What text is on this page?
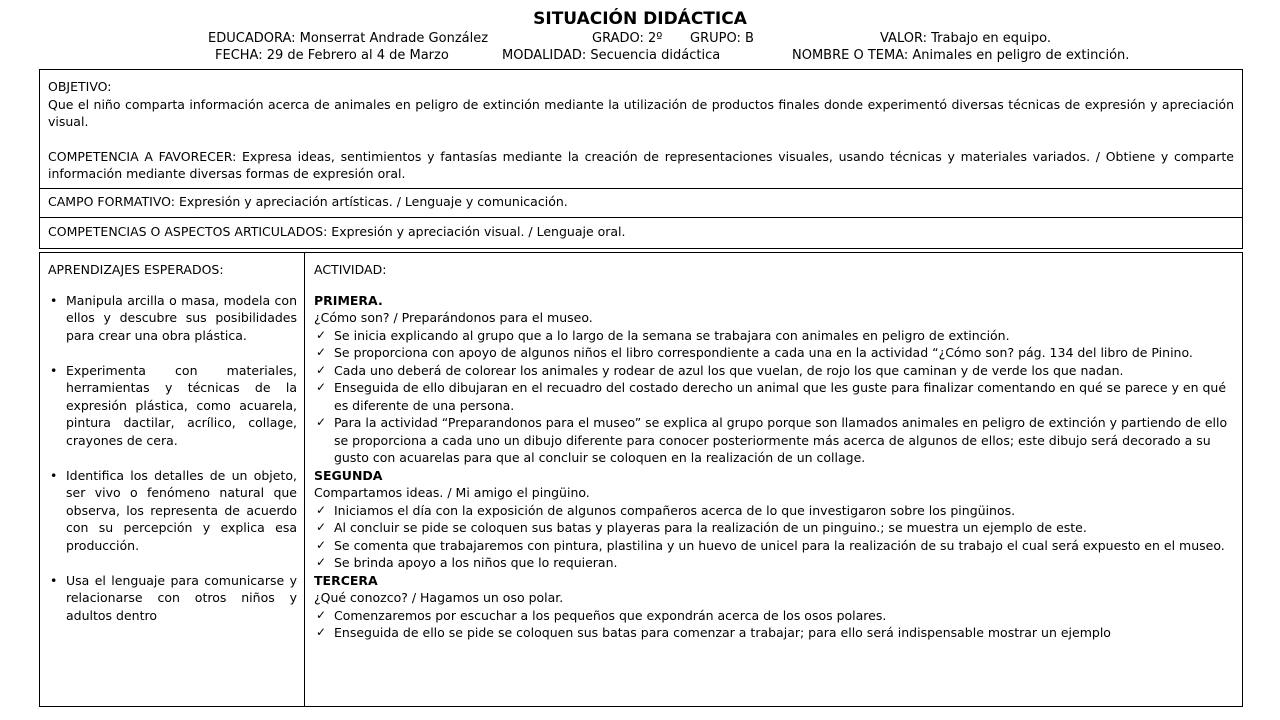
SITUACIÓN DIDÁCTICA
EDUCADORA: Monserrat Andrade González	GRADO: 2º GRUPO: B	VALOR: Trabajo en equipo.
FECHA: 29 de Febrero al 4 de Marzo	MODALIDAD: Secuencia didáctica	NOMBRE O TEMA: Animales en peligro de extinción.

OBJETIVO:

Que el niño comparta información acerca de animales en peligro de extinción mediante la utilización de productos finales donde experimentó diversas técnicas de expresión y apreciación visual.

COMPETENCIA A FAVORECER: Expresa ideas, sentimientos y fantasías mediante la creación de representaciones visuales, usando técnicas y materiales variados. / Obtiene y comparte información mediante diversas formas de expresión oral.

CAMPO FORMATIVO: Expresión y apreciación artísticas. / Lenguaje y comunicación.
COMPETENCIAS O ASPECTOS ARTICULADOS: Expresión y apreciación visual. / Lenguaje oral.
APRENDIZAJES ESPERADOS:
• Manipula arcilla o masa, modela con ellos y descubre sus posibilidades para crear una obra plástica.
• Experimenta con materiales, herramientas y técnicas de la expresión plástica, como acuarela, pintura dactilar, acrílico, collage, crayones de cera.
• Identifica los detalles de un objeto, ser vivo o fenómeno natural que observa, los representa de acuerdo con su percepción y explica esa producción.
• Usa el lenguaje para comunicarse y relacionarse con otros niños y adultos dentro
ACTIVIDAD:
PRIMERA.
¿Cómo son? / Preparándonos para el museo.
✓ Se inicia explicando al grupo que a lo largo de la semana se trabajara con animales en peligro de extinción.
✓ Se proporciona con apoyo de algunos niños el libro correspondiente a cada una en la actividad “¿Cómo son? pág. 134 del libro de Pinino.
✓ Cada uno deberá de colorear los animales y rodear de azul los que vuelan, de rojo los que caminan y de verde los que nadan.
✓ Enseguida de ello dibujaran en el recuadro del costado derecho un animal que les guste para finalizar comentando en qué se parece y en qué es diferente de una persona.
✓ Para la actividad “Preparandonos para el museo” se explica al grupo porque son llamados animales en peligro de extinción y partiendo de ello se proporciona a cada uno un dibujo diferente para conocer posteriormente más acerca de algunos de ellos; este dibujo será decorado a su gusto con acuarelas para que al concluir se coloquen en la realización de un collage.
SEGUNDA
Compartamos ideas. / Mi amigo el pingüino.
✓ Iniciamos el día con la exposición de algunos compañeros acerca de lo que investigaron sobre los pingüinos.
✓ Al concluir se pide se coloquen sus batas y playeras para la realización de un pinguino.; se muestra un ejemplo de este.
✓ Se comenta que trabajaremos con pintura, plastilina y un huevo de unicel para la realización de su trabajo el cual será expuesto en el museo.
✓ Se brinda apoyo a los niños que lo requieran.
TERCERA
¿Qué conozco? / Hagamos un oso polar.
✓ Comenzaremos por escuchar a los pequeños que expondrán acerca de los osos polares.
✓ Enseguida de ello se pide se coloquen sus batas para comenzar a trabajar; para ello será indispensable mostrar un ejemplo
